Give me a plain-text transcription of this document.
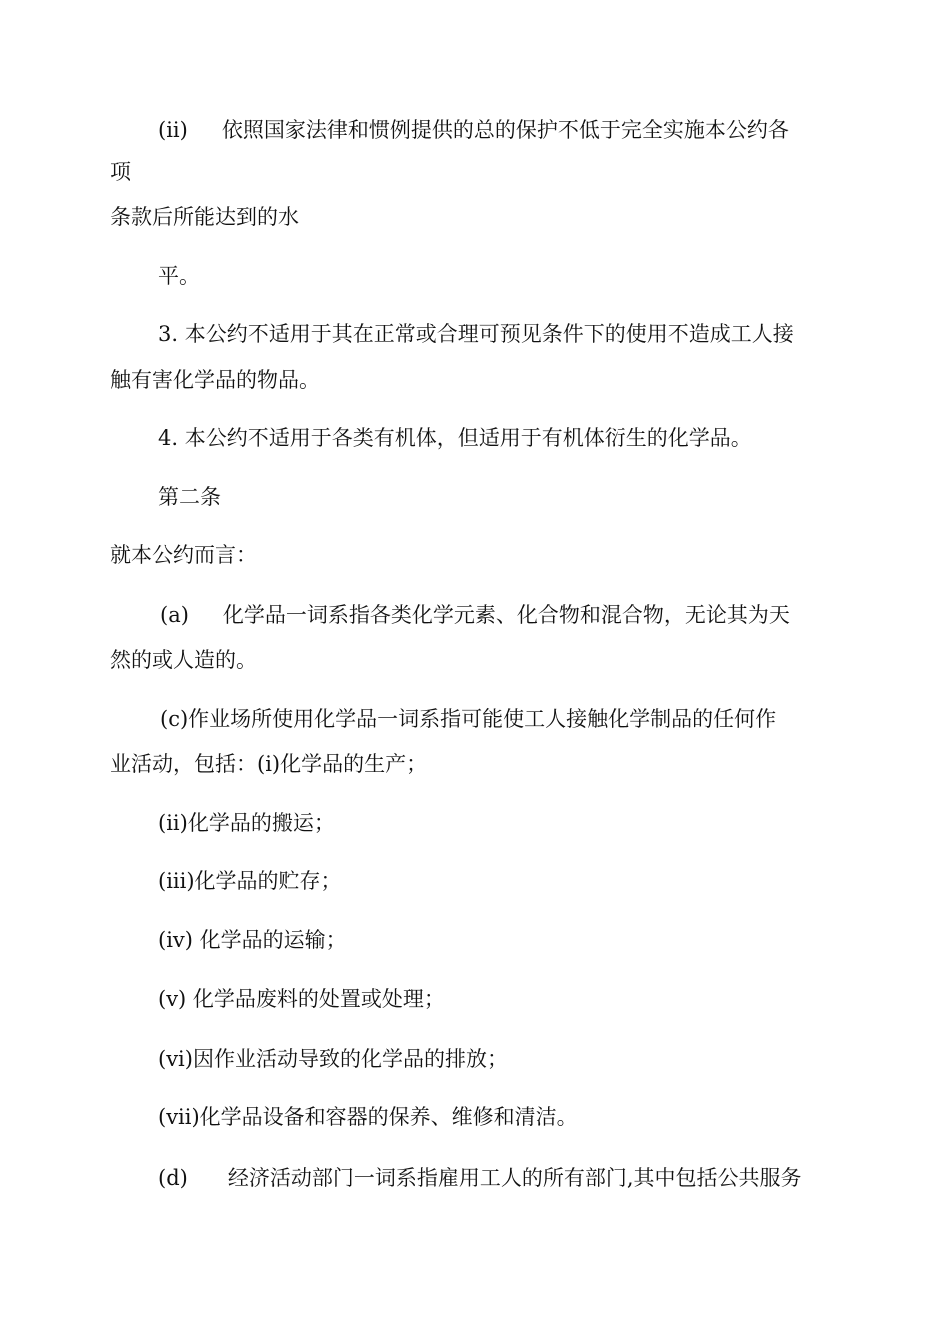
(ii) 依照国家法律和惯例提供的总的保护不低于完全实施本公约各
项
条款后所能达到的水
平。
3. 本公约不适用于其在正常或合理可预见条件下的使用不造成工人接
触有害化学品的物品。
4. 本公约不适用于各类有机体，但适用于有机体衍生的化学品。
第二条
就本公约而言：
(a) 化学品一词系指各类化学元素、化合物和混合物，无论其为天
然的或人造的。
(c)作业场所使用化学品一词系指可能使工人接触化学制品的任何作
业活动，包括：(i)化学品的生产；
(ii)化学品的搬运；
(iii)化学品的贮存；
(iv) 化学品的运输；
(v) 化学品废料的处置或处理；
(vi)因作业活动导致的化学品的排放；
(vii)化学品设备和容器的保养、维修和清洁。
(d) 经济活动部门一词系指雇用工人的所有部门,其中包括公共服务
